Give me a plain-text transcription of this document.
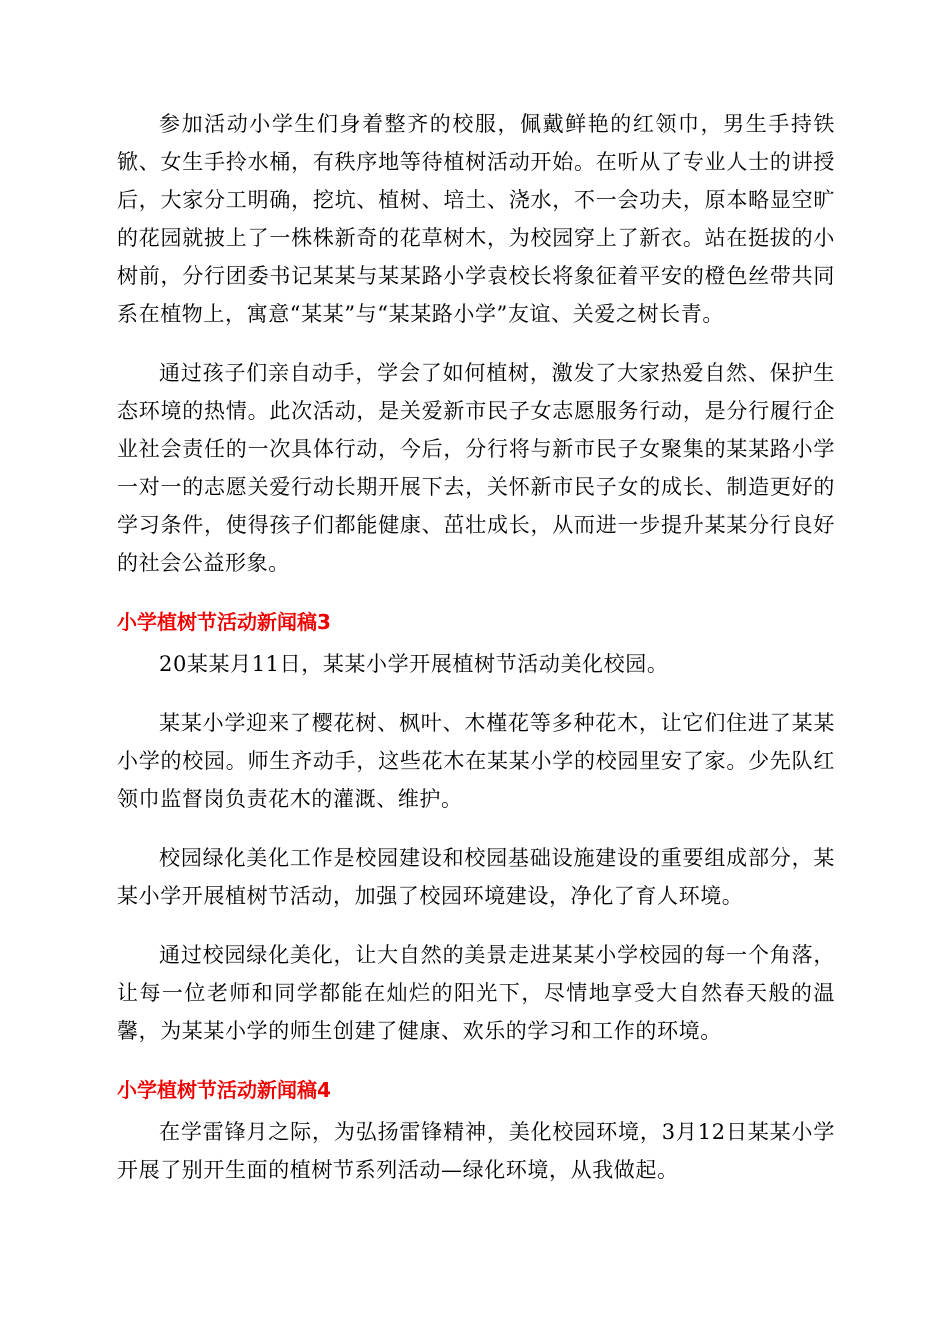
参加活动小学生们身着整齐的校服，佩戴鲜艳的红领巾，男生手持铁锨、女生手拎水桶，有秩序地等待植树活动开始。在听从了专业人士的讲授后，大家分工明确，挖坑、植树、培土、浇水，不一会功夫，原本略显空旷的花园就披上了一株株新奇的花草树木，为校园穿上了新衣。站在挺拔的小树前，分行团委书记某某与某某路小学袁校长将象征着平安的橙色丝带共同系在植物上，寓意“某某”与“某某路小学”友谊、关爱之树长青。

通过孩子们亲自动手，学会了如何植树，激发了大家热爱自然、保护生态环境的热情。此次活动，是关爱新市民子女志愿服务行动，是分行履行企业社会责任的一次具体行动，今后，分行将与新市民子女聚集的某某路小学一对一的志愿关爱行动长期开展下去，关怀新市民子女的成长、制造更好的学习条件，使得孩子们都能健康、茁壮成长，从而进一步提升某某分行良好的社会公益形象。

小学植树节活动新闻稿3

20某某月11日，某某小学开展植树节活动美化校园。

某某小学迎来了樱花树、枫叶、木槿花等多种花木，让它们住进了某某小学的校园。师生齐动手，这些花木在某某小学的校园里安了家。少先队红领巾监督岗负责花木的灌溉、维护。

校园绿化美化工作是校园建设和校园基础设施建设的重要组成部分，某某小学开展植树节活动，加强了校园环境建设，净化了育人环境。

通过校园绿化美化，让大自然的美景走进某某小学校园的每一个角落，让每一位老师和同学都能在灿烂的阳光下，尽情地享受大自然春天般的温馨，为某某小学的师生创建了健康、欢乐的学习和工作的环境。

小学植树节活动新闻稿4

在学雷锋月之际，为弘扬雷锋精神，美化校园环境，3月12日某某小学开展了别开生面的植树节系列活动—绿化环境，从我做起。
